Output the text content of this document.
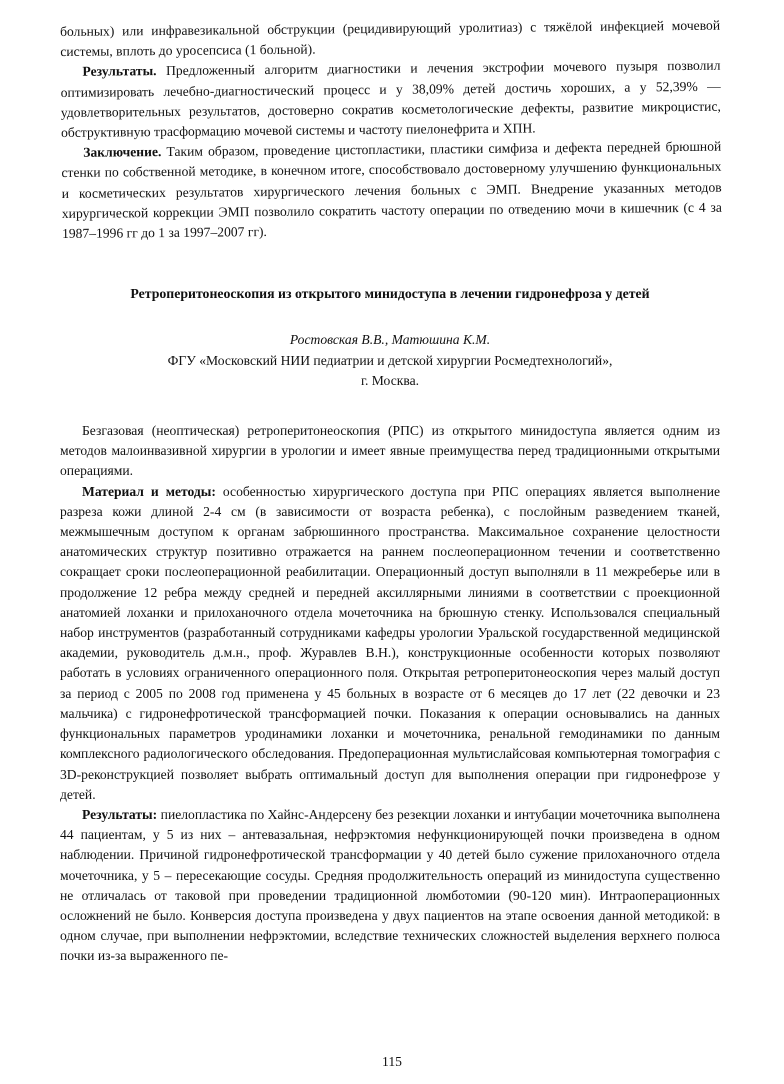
больных) или инфравезикальной обструкции (рецидивирующий уролитиаз) с тяжёлой инфекцией мочевой системы, вплоть до уросепсиса (1 больной).

Результаты. Предложенный алгоритм диагностики и лечения экстрофии мочевого пузыря позволил оптимизировать лечебно-диагностический процесс и у 38,09% детей достичь хороших, а у 52,39% — удовлетворительных результатов, достоверно сократив косметологические дефекты, развитие микроцистис, обструктивную трасформацию мочевой системы и частоту пиелонефрита и ХПН.

Заключение. Таким образом, проведение цистопластики, пластики симфиза и дефекта передней брюшной стенки по собственной методике, в конечном итоге, способствовало достоверному улучшению функциональных и косметических результатов хирургического лечения больных с ЭМП. Внедрение указанных методов хирургической коррекции ЭМП позволило сократить частоту операции по отведению мочи в кишечник (с 4 за 1987–1996 гг до 1 за 1997–2007 гг).

Ретроперитонеоскопия из открытого минидоступа в лечении гидронефроза у детей

Ростовская В.В., Матюшина К.М.

ФГУ «Московский НИИ педиатрии и детской хирургии Росмедтехнологий»,

г. Москва.

Безгазовая (неоптическая) ретроперитонеоскопия (РПС) из открытого минидоступа является одним из методов малоинвазивной хирургии в урологии и имеет явные преимущества перед традиционными открытыми операциями.

Материал и методы: особенностью хирургического доступа при РПС операциях является выполнение разреза кожи длиной 2-4 см (в зависимости от возраста ребенка), с послойным разведением тканей, межмышечным доступом к органам забрюшинного пространства. Максимальное сохранение целостности анатомических структур позитивно отражается на раннем послеоперационном течении и соответственно сокращает сроки послеоперационной реабилитации. Операционный доступ выполняли в 11 межреберье или в продолжение 12 ребра между средней и передней аксиллярными линиями в соответствии с проекционной анатомией лоханки и прилоханочного отдела мочеточника на брюшную стенку. Использовался специальный набор инструментов (разработанный сотрудниками кафедры урологии Уральской государственной медицинской академии, руководитель д.м.н., проф. Журавлев В.Н.), конструкционные особенности которых позволяют работать в условиях ограниченного операционного поля. Открытая ретроперитонеоскопия через малый доступ за период с 2005 по 2008 год применена у 45 больных в возрасте от 6 месяцев до 17 лет (22 девочки и 23 мальчика) с гидронефротической трансформацией почки. Показания к операции основывались на данных функциональных параметров уродинамики лоханки и мочеточника, ренальной гемодинамики по данным комплексного радиологического обследования. Предоперационная мультислайсовая компьютерная томография с 3D-реконструкцией позволяет выбрать оптимальный доступ для выполнения операции при гидронефрозе у детей.

Результаты: пиелопластика по Хайнс-Андерсену без резекции лоханки и интубации мочеточника выполнена 44 пациентам, у 5 из них – антевазальная, нефрэктомия нефункционирующей почки произведена в одном наблюдении. Причиной гидронефротической трансформации у 40 детей было сужение прилоханочного отдела мочеточника, у 5 – пересекающие сосуды. Средняя продолжительность операций из минидоступа существенно не отличалась от таковой при проведении традиционной люмботомии (90-120 мин). Интраоперационных осложнений не было. Конверсия доступа произведена у двух пациентов на этапе освоения данной методикой: в одном случае, при выполнении нефрэктомии, вследствие технических сложностей выделения верхнего полюса почки из-за выраженного пе-

115
